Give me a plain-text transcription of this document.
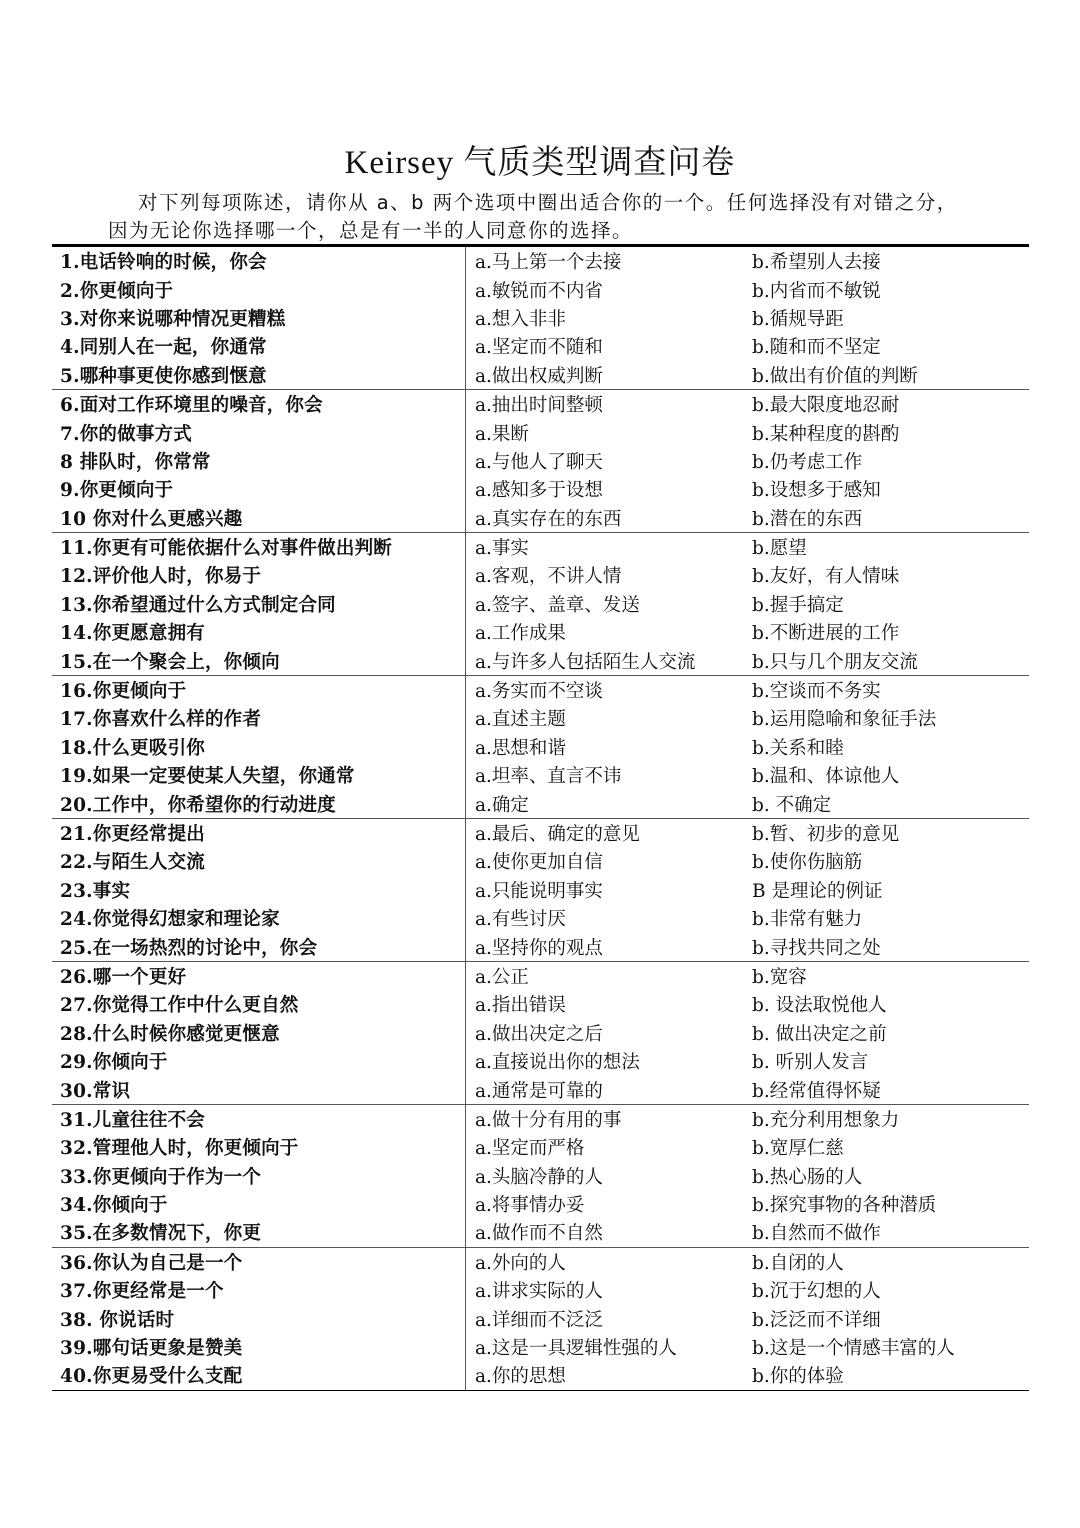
Keirsey 气质类型调查问卷
对下列每项陈述，请你从 a、b 两个选项中圈出适合你的一个。任何选择没有对错之分，
因为无论你选择哪一个，总是有一半的人同意你的选择。
1.电话铃响的时候，你会	a.马上第一个去接	b.希望别人去接
2.你更倾向于	a.敏锐而不内省	b.内省而不敏锐
3.对你来说哪种情况更糟糕	a.想入非非	b.循规导距
4.同别人在一起，你通常	a.坚定而不随和	b.随和而不坚定
5.哪种事更使你感到惬意	a.做出权威判断	b.做出有价值的判断
6.面对工作环境里的噪音，你会	a.抽出时间整顿	b.最大限度地忍耐
7.你的做事方式	a.果断	b.某种程度的斟酌
8 排队时，你常常	a.与他人了聊天	b.仍考虑工作
9.你更倾向于	a.感知多于设想	b.设想多于感知
10 你对什么更感兴趣	a.真实存在的东西	b.潜在的东西
11.你更有可能依据什么对事件做出判断	a.事实	b.愿望
12.评价他人时，你易于	a.客观，不讲人情	b.友好，有人情味
13.你希望通过什么方式制定合同	a.签字、盖章、发送	b.握手搞定
14.你更愿意拥有	a.工作成果	b.不断进展的工作
15.在一个聚会上，你倾向	a.与许多人包括陌生人交流	b.只与几个朋友交流
16.你更倾向于	a.务实而不空谈	b.空谈而不务实
17.你喜欢什么样的作者	a.直述主题	b.运用隐喻和象征手法
18.什么更吸引你	a.思想和谐	b.关系和睦
19.如果一定要使某人失望，你通常	a.坦率、直言不讳	b.温和、体谅他人
20.工作中，你希望你的行动进度	a.确定	b. 不确定
21.你更经常提出	a.最后、确定的意见	b.暂、初步的意见
22.与陌生人交流	a.使你更加自信	b.使你伤脑筋
23.事实	a.只能说明事实	B 是理论的例证
24.你觉得幻想家和理论家	a.有些讨厌	b.非常有魅力
25.在一场热烈的讨论中，你会	a.坚持你的观点	b.寻找共同之处
26.哪一个更好	a.公正	b.宽容
27.你觉得工作中什么更自然	a.指出错误	b. 设法取悦他人
28.什么时候你感觉更惬意	a.做出决定之后	b. 做出决定之前
29.你倾向于	a.直接说出你的想法	b. 听别人发言
30.常识	a.通常是可靠的	b.经常值得怀疑
31.儿童往往不会	a.做十分有用的事	b.充分利用想象力
32.管理他人时，你更倾向于	a.坚定而严格	b.宽厚仁慈
33.你更倾向于作为一个	a.头脑冷静的人	b.热心肠的人
34.你倾向于	a.将事情办妥	b.探究事物的各种潜质
35.在多数情况下，你更	a.做作而不自然	b.自然而不做作
36.你认为自己是一个	a.外向的人	b.自闭的人
37.你更经常是一个	a.讲求实际的人	b.沉于幻想的人
38. 你说话时	a.详细而不泛泛	b.泛泛而不详细
39.哪句话更象是赞美	a.这是一具逻辑性强的人	b.这是一个情感丰富的人
40.你更易受什么支配	a.你的思想	b.你的体验
